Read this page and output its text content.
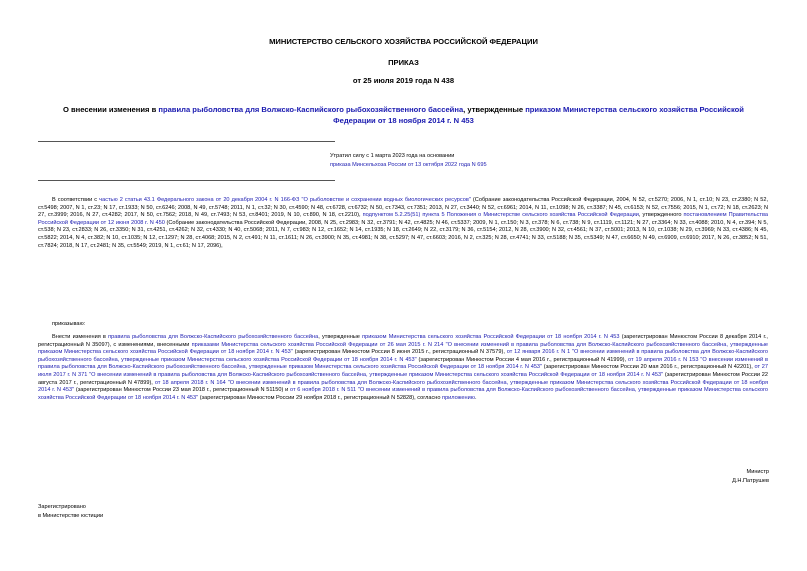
МИНИСТЕРСТВО СЕЛЬСКОГО ХОЗЯЙСТВА РОССИЙСКОЙ ФЕДЕРАЦИИ
ПРИКАЗ
от 25 июля 2019 года N 438
О внесении изменения в правила рыболовства для Волжско-Каспийского рыбохозяйственного бассейна, утвержденные приказом Министерства сельского хозяйства Российской Федерации от 18 ноября 2014 г. N 453
Утратил силу с 1 марта 2023 года на основании
приказа Минсельхоза России от 13 октября 2022 года N 695
В соответствии с частью 2 статьи 43.1 Федерального закона от 20 декабря 2004 г. N 166-ФЗ "О рыболовстве и сохранении водных биологических ресурсов" (Собрание законодательства Российской Федерации, 2004, N 52, ст.5270; 2006, N 1, ст.10; N 23, ст.2380; N 52, ст.5498; 2007, N 1, ст.23; N 17, ст.1933; N 50, ст.6246; 2008, N 49, ст.5748; 2011, N 1, ст.32; N 30, ст.4590; N 48, ст.6728, ст.6732; N 50, ст.7343, ст.7351; 2013, N 27, ст.3440; N 52, ст.6961; 2014, N 11, ст.1098; N 26, ст.3387; N 45, ст.6153; N 52, ст.7556; 2015, N 1, ст.72; N 18, ст.2623; N 27, ст.3999; 2016, N 27, ст.4282; 2017, N 50, ст.7562; 2018, N 49, ст.7493; N 53, ст.8401; 2019, N 10, ст.890, N 18, ст.2210), подпунктом 5.2.25(51) пункта 5 Положения о Министерстве сельского хозяйства Российской Федерации, утвержденного постановлением Правительства Российской Федерации от 12 июня 2008 г. N 450 (Собрание законодательства Российской Федерации, 2008, N 25, ст.2983; N 32, ст.3791; N 42, ст.4825; N 46, ст.5337; 2009, N 1, ст.150; N 3, ст.378; N 6, ст.738; N 9, ст.1119, ст.1121; N 27, ст.3364; N 33, ст.4088; 2010, N 4, ст.394; N 5, ст.538; N 23, ст.2833; N 26, ст.3350; N 31, ст.4251, ст.4262; N 32, ст.4330; N 40, ст.5068; 2011, N 7, ст.983; N 12, ст.1652; N 14, ст.1935; N 18, ст.2649; N 22, ст.3179; N 36, ст.5154; 2012, N 28, ст.3900; N 32, ст.4561; N 37, ст.5001; 2013, N 10, ст.1038; N 29, ст.3969; N 33, ст.4386; N 45, ст.5822; 2014, N 4, ст.382; N 10, ст.1035; N 12, ст.1297; N 28, ст.4068; 2015, N 2, ст.491; N 11, ст.1611; N 26, ст.3900; N 35, ст.4981; N 38, ст.5297; N 47, ст.6603; 2016, N 2, ст.325; N 28, ст.4741; N 33, ст.5188; N 35, ст.5349; N 47, ст.6650; N 49, ст.6909, ст.6910; 2017, N 26, ст.3852; N 51, ст.7824; 2018, N 17, ст.2481; N 35, ст.5549; 2019, N 1, ст.61; N 17, 2096),
приказываю:
Внести изменения в правила рыболовства для Волжско-Каспийского рыбохозяйственного бассейна, утвержденные приказом Министерства сельского хозяйства Российской Федерации от 18 ноября 2014 г. N 453 (зарегистрирован Минюстом России 8 декабря 2014 г., регистрационный N 35097), с изменениями, внесенными приказами Министерства сельского хозяйства Российской Федерации от 26 мая 2015 г. N 214 "О внесении изменений в правила рыболовства для Волжско-Каспийского рыбохозяйственного бассейна, утвержденные приказом Министерства сельского хозяйства Российской Федерации от 18 ноября 2014 г. N 453" (зарегистрирован Минюстом России 8 июня 2015 г., регистрационный N 37579), от 12 января 2016 г. N 1 "О внесении изменений в правила рыболовства для Волжско-Каспийского рыбохозяйственного бассейна, утвержденные приказом Министерства сельского хозяйства Российской Федерации от 18 ноября 2014 г. N 453" (зарегистрирован Минюстом России 4 мая 2016 г., регистрационный N 41999), от 19 апреля 2016 г. N 153 "О внесении изменений в правила рыболовства для Волжско-Каспийского рыбохозяйственного бассейна, утвержденные приказом Министерства сельского хозяйства Российской Федерации от 18 ноября 2014 г. N 453" (зарегистрирован Минюстом России 20 мая 2016 г., регистрационный N 42201), от 27 июля 2017 г. N 371 "О внесении изменений в правила рыболовства для Волжско-Каспийского рыбохозяйственного бассейна, утвержденные приказом Министерства сельского хозяйства Российской Федерации от 18 ноября 2014 г. N 453" (зарегистрирован Минюстом России 22 августа 2017 г., регистрационный N 47899), от 18 апреля 2018 г. N 164 "О внесении изменений в правила рыболовства для Волжско-Каспийского рыбохозяйственного бассейна, утвержденные приказом Министерства сельского хозяйства Российской Федерации от 18 ноября 2014 г. N 453" (зарегистрирован Минюстом России 23 мая 2018 г., регистрационный N 51150) и от 6 ноября 2018 г. N 511 "О внесении изменений в правила рыболовства для Волжско-Каспийского рыбохозяйственного бассейна, утвержденные приказом Министерства сельского хозяйства Российской Федерации от 18 ноября 2014 г. N 453" (зарегистрирован Минюстом России 29 ноября 2018 г., регистрационный N 52828), согласно приложению.
Министр
Д.Н.Патрушев
Зарегистрировано
в Министерстве юстиции
